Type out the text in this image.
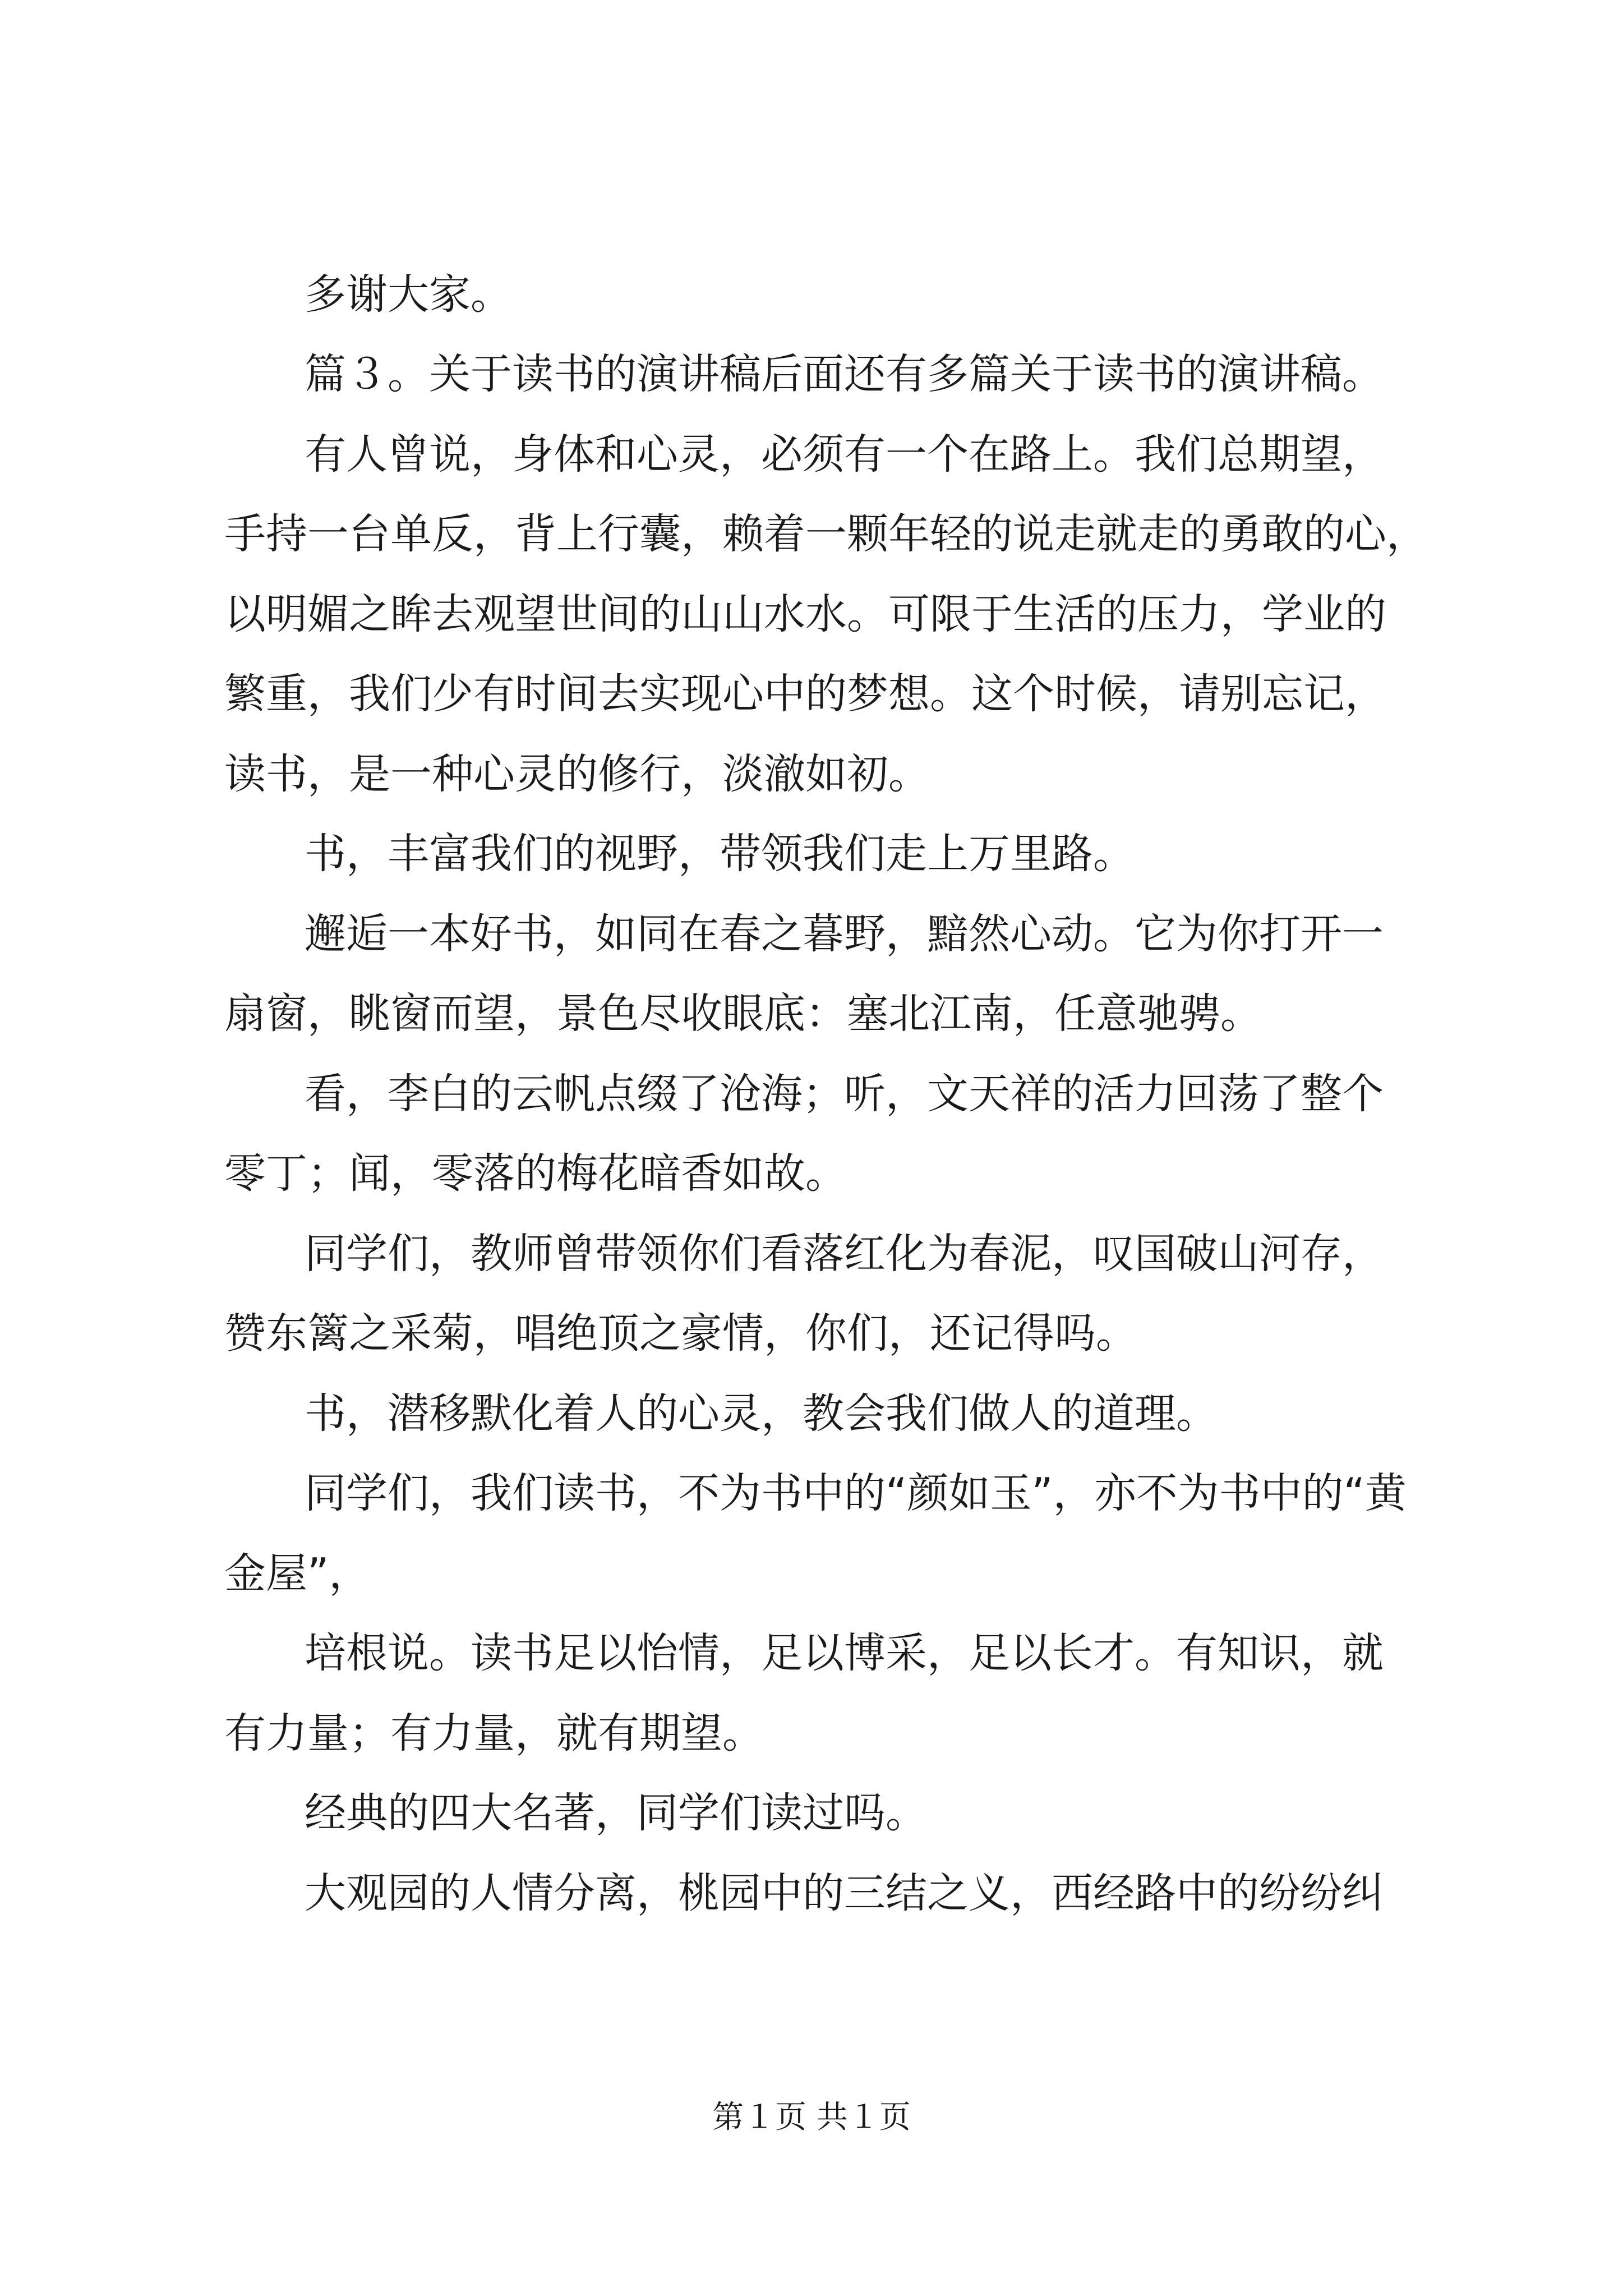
多谢大家。
篇３。关于读书的演讲稿后面还有多篇关于读书的演讲稿。
有人曾说，身体和心灵，必须有一个在路上。我们总期望，
手持一台单反，背上行囊，赖着一颗年轻的说走就走的勇敢的心，
以明媚之眸去观望世间的山山水水。可限于生活的压力，学业的
繁重，我们少有时间去实现心中的梦想。这个时候，请别忘记，
读书，是一种心灵的修行，淡澈如初。
书，丰富我们的视野，带领我们走上万里路。
邂逅一本好书，如同在春之暮野，黯然心动。它为你打开一
扇窗，眺窗而望，景色尽收眼底：塞北江南，任意驰骋。
看，李白的云帆点缀了沧海；听，文天祥的活力回荡了整个
零丁；闻，零落的梅花暗香如故。
同学们，教师曾带领你们看落红化为春泥，叹国破山河存，
赞东篱之采菊，唱绝顶之豪情，你们，还记得吗。
书，潜移默化着人的心灵，教会我们做人的道理。
同学们，我们读书，不为书中的“颜如玉”，亦不为书中的“黄
金屋”，
培根说。读书足以怡情，足以博采，足以长才。有知识，就
有力量；有力量，就有期望。
经典的四大名著，同学们读过吗。
大观园的人情分离，桃园中的三结之义，西经路中的纷纷纠
第１页 共１页
